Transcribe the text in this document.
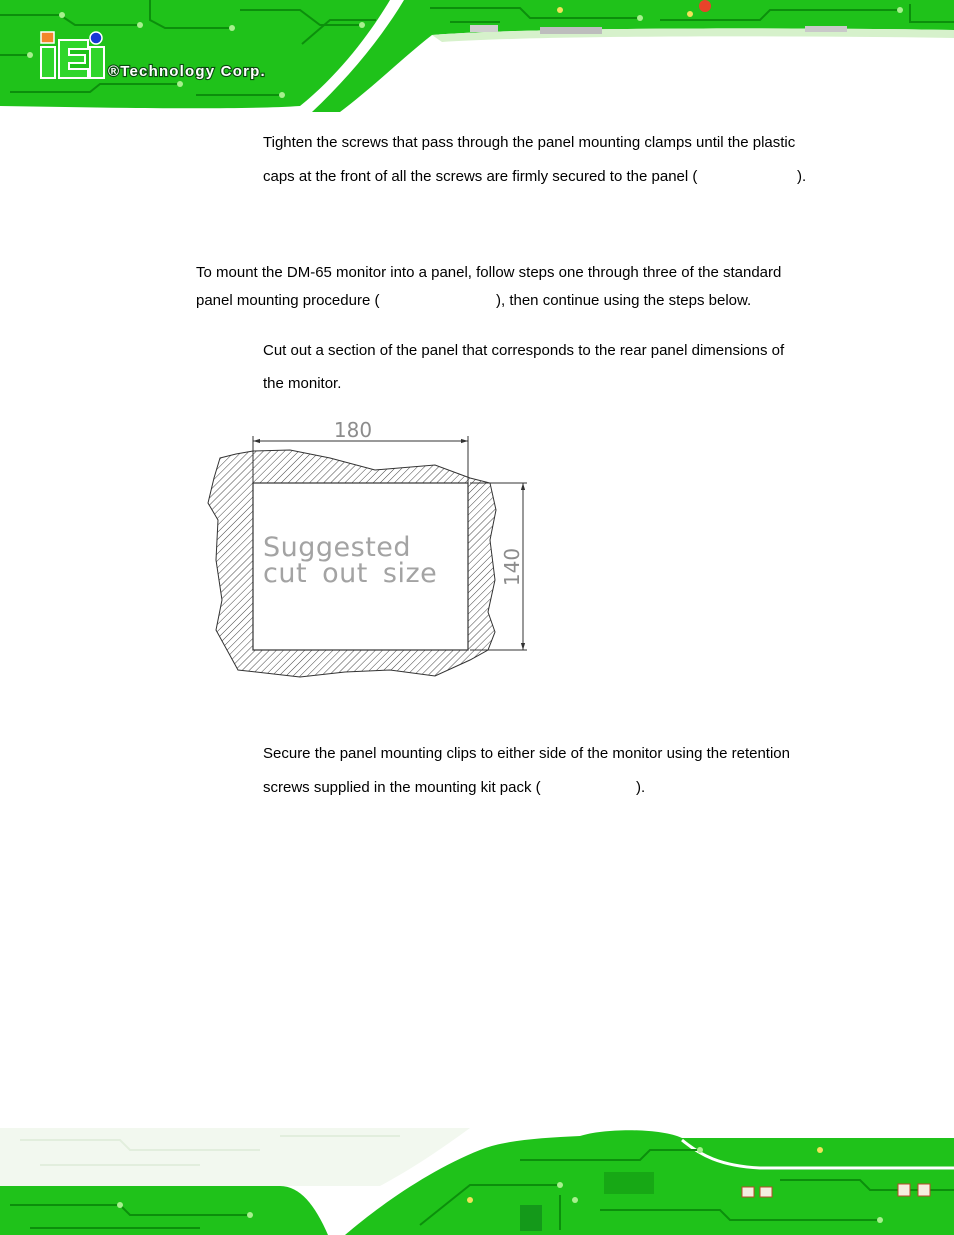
®Technology Corp.
Tighten the screws that pass through the panel mounting clamps until the plastic
caps at the front of all the screws are firmly secured to the panel (	).
To mount the DM-65 monitor into a panel, follow steps one through three of the standard
panel mounting procedure (	), then continue using the steps below.
Cut out a section of the panel that corresponds to the rear panel dimensions of
the monitor.
180
140
Suggested
cut out size
Secure the panel mounting clips to either side of the monitor using the retention
screws supplied in the mounting kit pack (	).
